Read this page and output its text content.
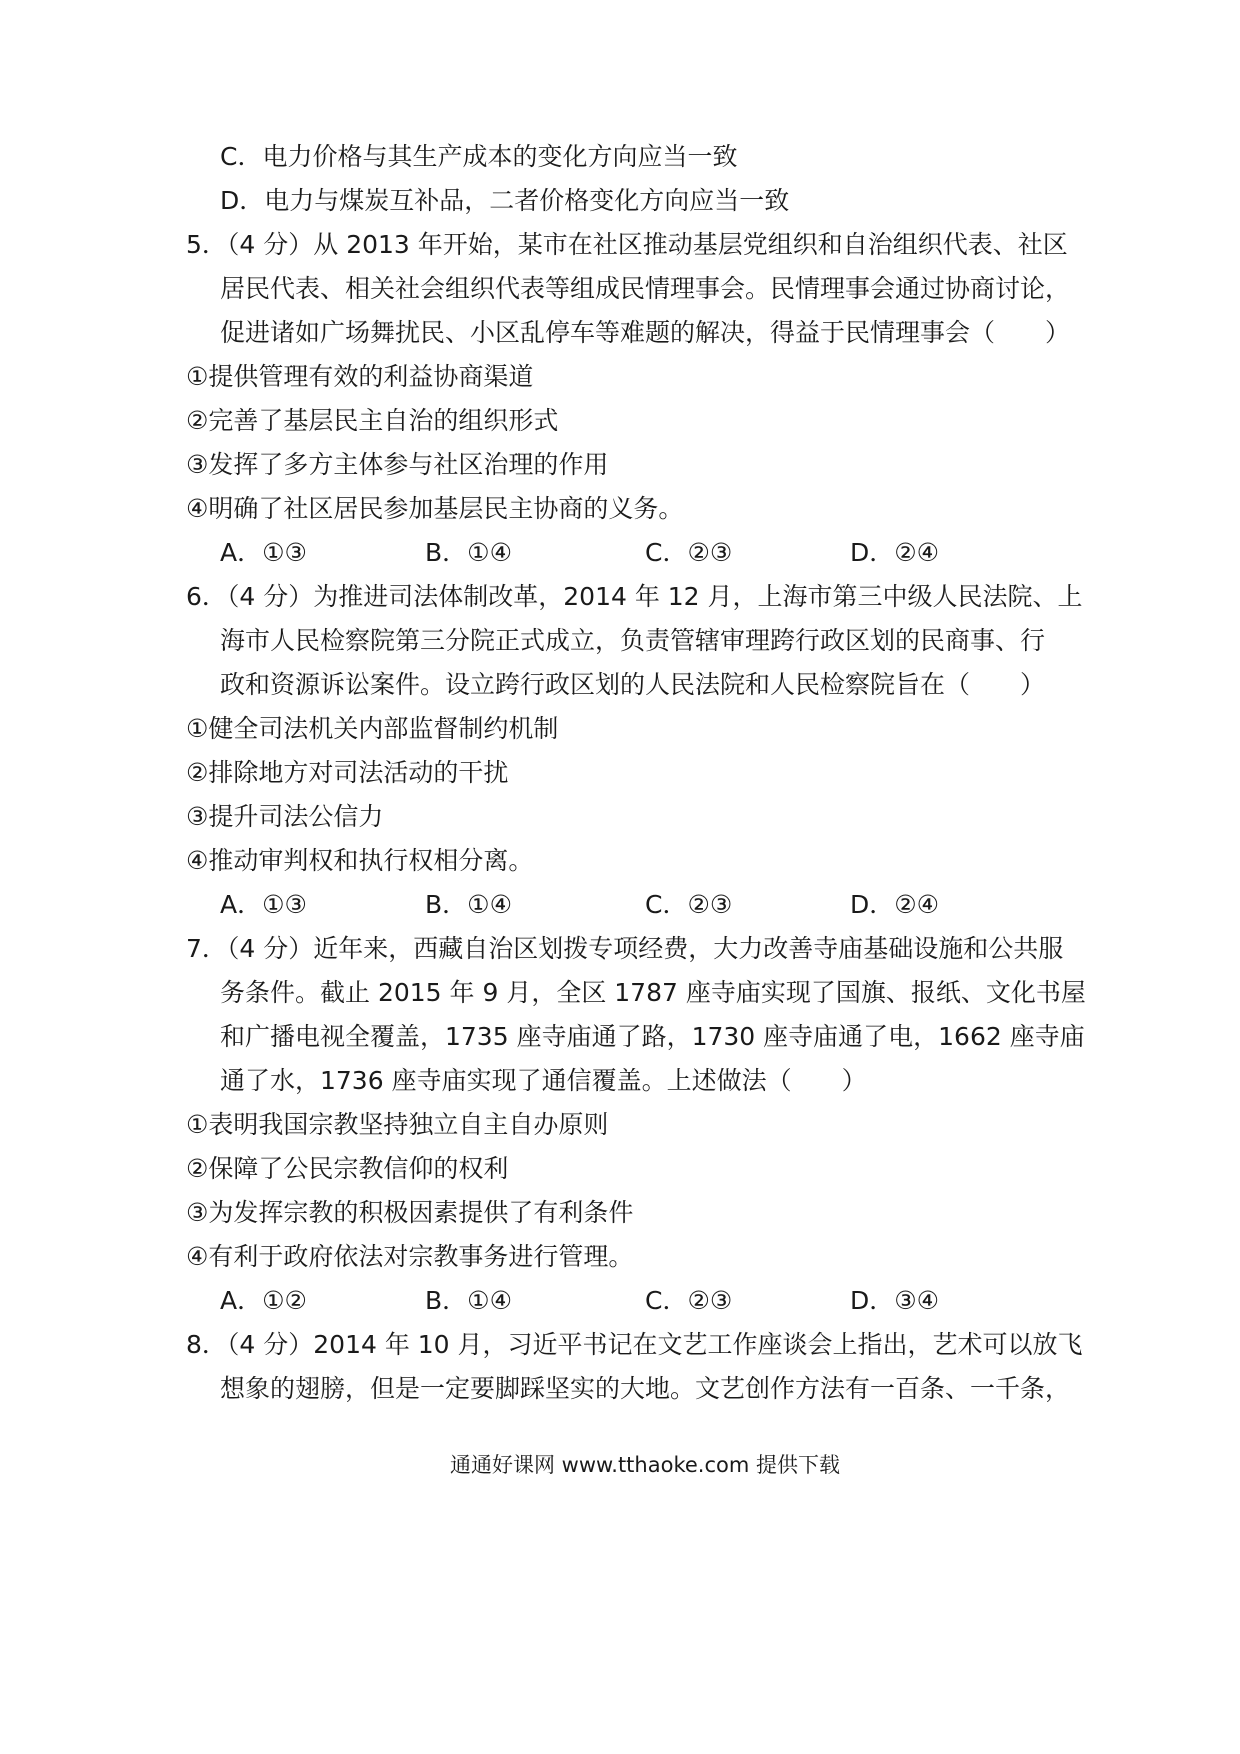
C．电力价格与其生产成本的变化方向应当一致
D．电力与煤炭互补品，二者价格变化方向应当一致
5．（4 分）从 2013 年开始，某市在社区推动基层党组织和自治组织代表、社区
居民代表、相关社会组织代表等组成民情理事会。民情理事会通过协商讨论，
促进诸如广场舞扰民、小区乱停车等难题的解决，得益于民情理事会（　　）
①提供管理有效的利益协商渠道
②完善了基层民主自治的组织形式
③发挥了多方主体参与社区治理的作用
④明确了社区居民参加基层民主协商的义务。
A．①③	B．①④	C．②③	D．②④
6．（4 分）为推进司法体制改革，2014 年 12 月，上海市第三中级人民法院、上
海市人民检察院第三分院正式成立，负责管辖审理跨行政区划的民商事、行
政和资源诉讼案件。设立跨行政区划的人民法院和人民检察院旨在（　　）
①健全司法机关内部监督制约机制
②排除地方对司法活动的干扰
③提升司法公信力
④推动审判权和执行权相分离。
A．①③	B．①④	C．②③	D．②④
7．（4 分）近年来，西藏自治区划拨专项经费，大力改善寺庙基础设施和公共服
务条件。截止 2015 年 9 月，全区 1787 座寺庙实现了国旗、报纸、文化书屋
和广播电视全覆盖，1735 座寺庙通了路，1730 座寺庙通了电，1662 座寺庙
通了水，1736 座寺庙实现了通信覆盖。上述做法（　　）
①表明我国宗教坚持独立自主自办原则
②保障了公民宗教信仰的权利
③为发挥宗教的积极因素提供了有利条件
④有利于政府依法对宗教事务进行管理。
A．①②	B．①④	C．②③	D．③④
8．（4 分）2014 年 10 月，习近平书记在文艺工作座谈会上指出，艺术可以放飞
想象的翅膀，但是一定要脚踩坚实的大地。文艺创作方法有一百条、一千条，
通通好课网 www.tthaoke.com 提供下载
